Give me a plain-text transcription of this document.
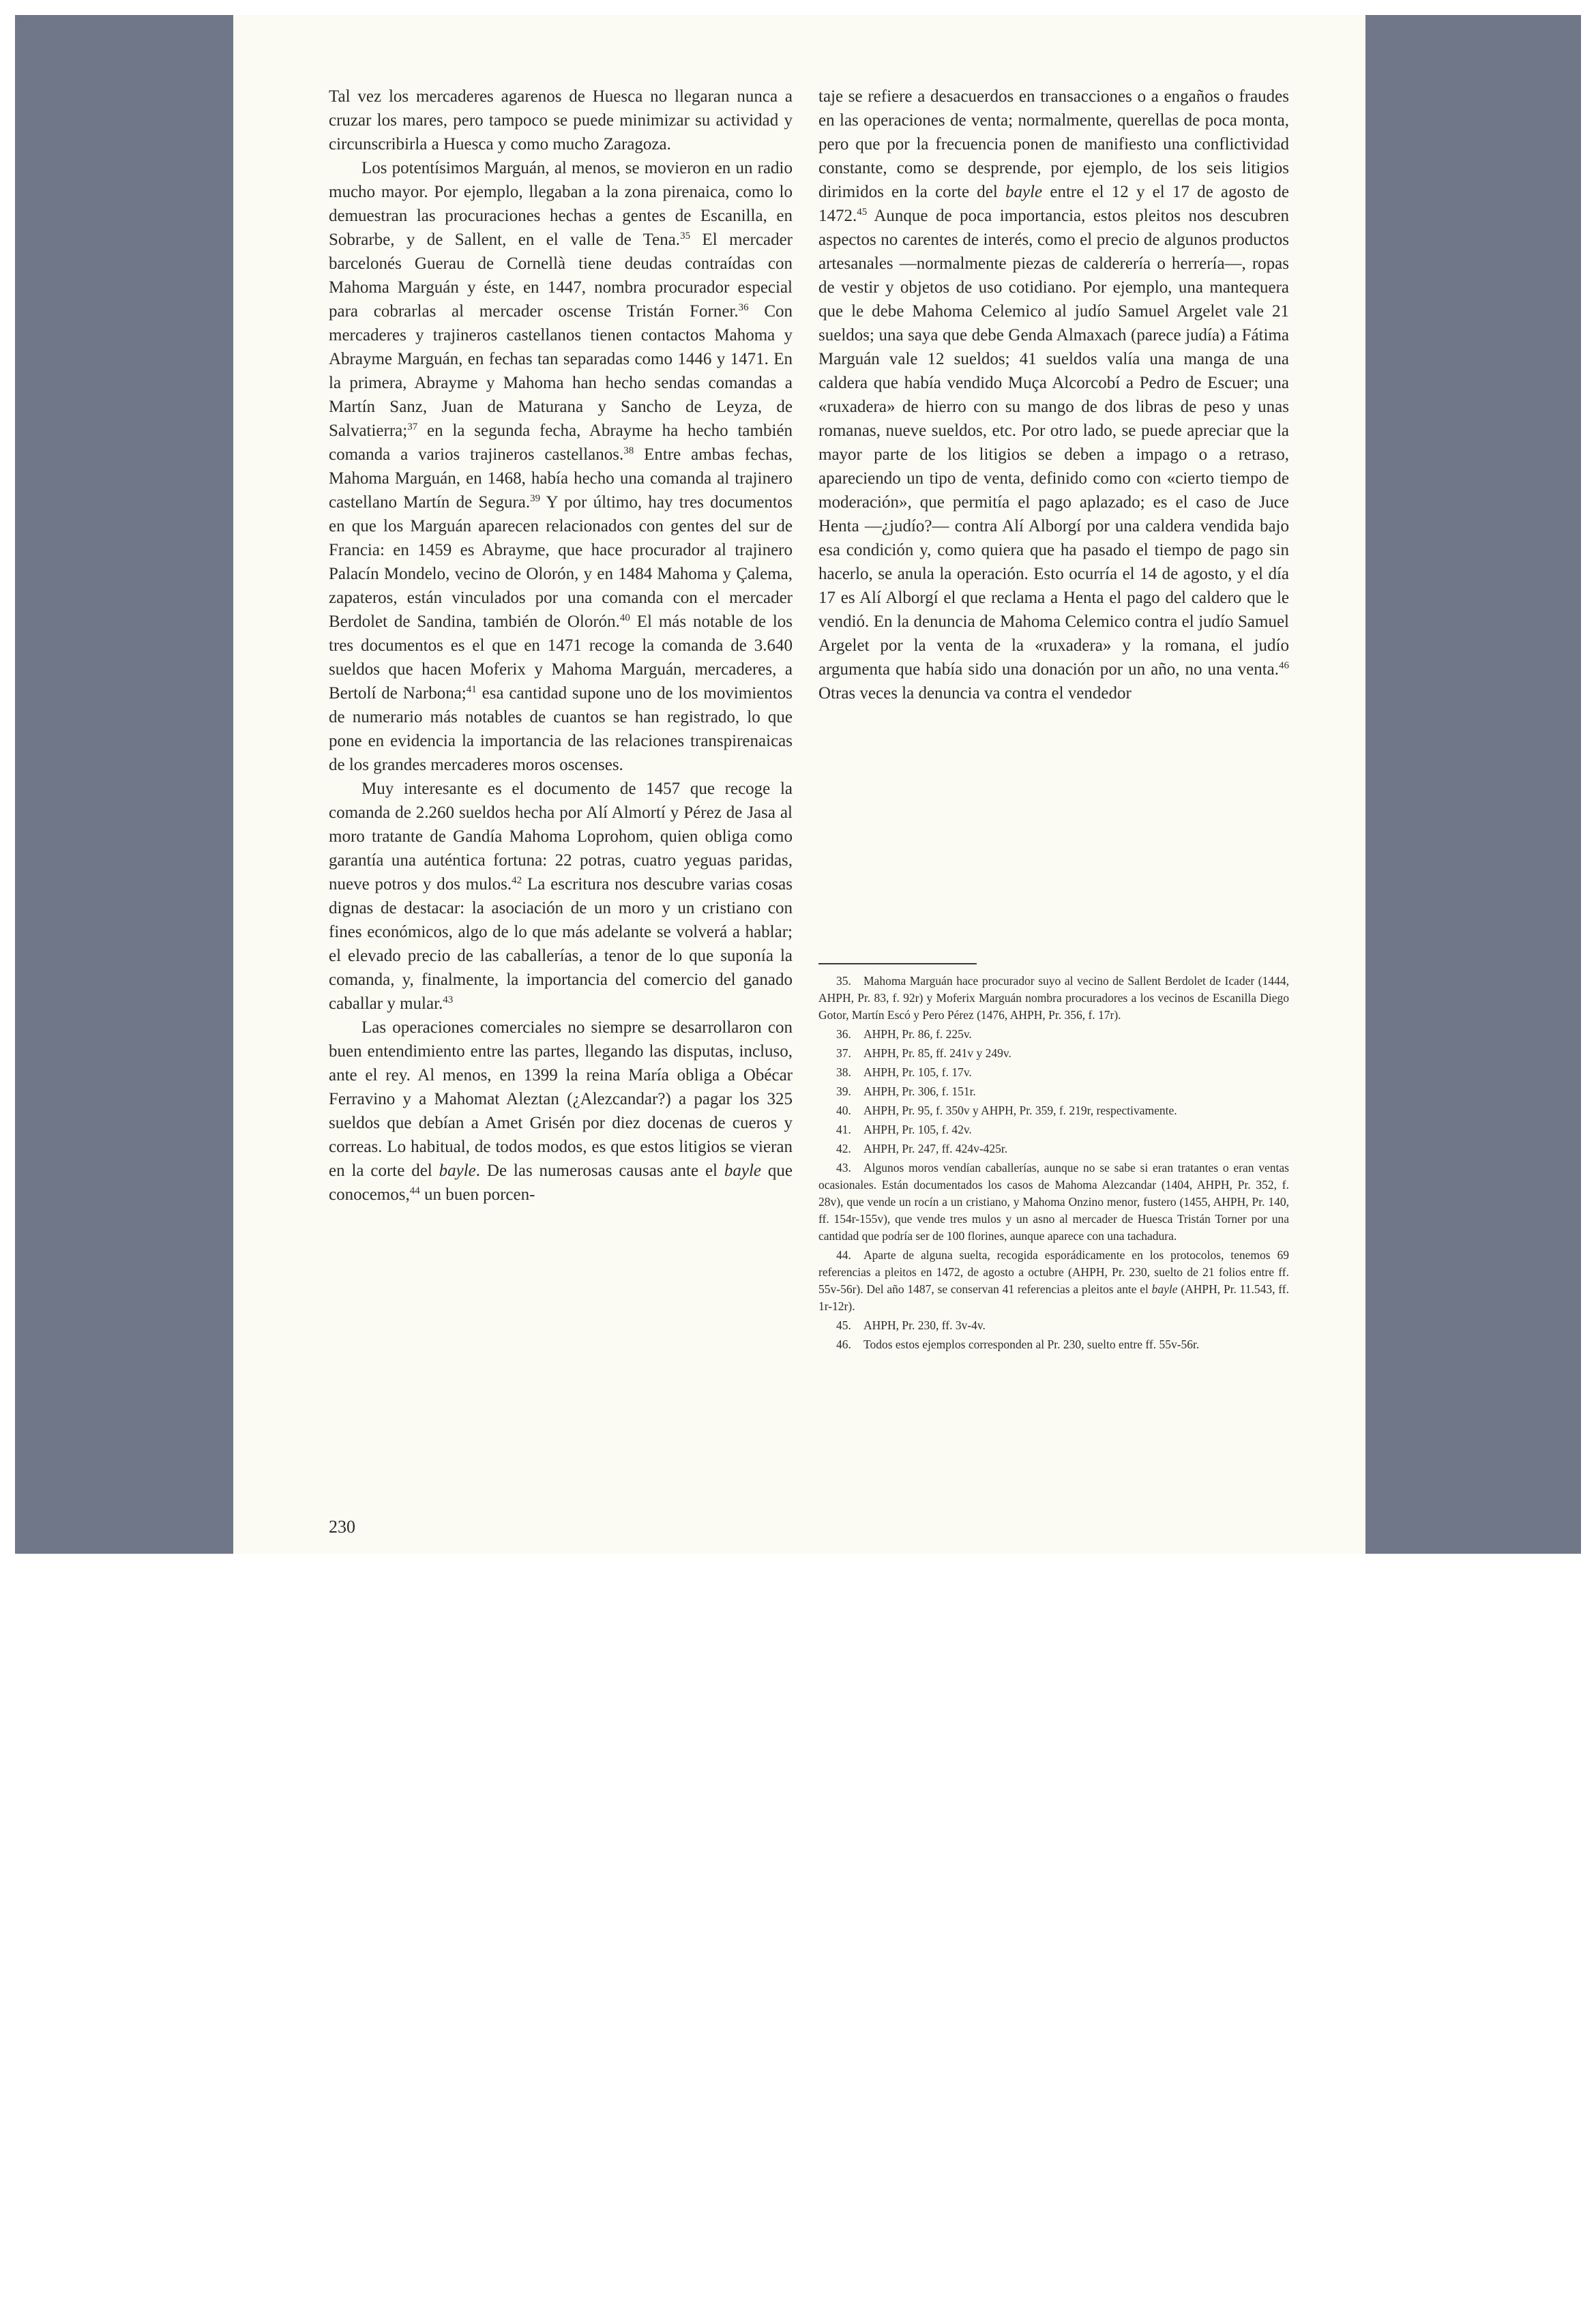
Tal vez los mercaderes agarenos de Huesca no llegaran nunca a cruzar los mares, pero tampoco se puede minimizar su actividad y circunscribirla a Huesca y como mucho Zaragoza.

Los potentísimos Marguán, al menos, se movieron en un radio mucho mayor. Por ejemplo, llegaban a la zona pirenaica, como lo demuestran las procuraciones hechas a gentes de Escanilla, en Sobrarbe, y de Sallent, en el valle de Tena.$^{35}$ El mercader barcelonés Guerau de Cornellà tiene deudas contraídas con Mahoma Marguán y éste, en 1447, nombra procurador especial para cobrarlas al mercader oscense Tristán Forner.$^{36}$ Con mercaderes y trajineros castellanos tienen contactos Mahoma y Abrayme Marguán, en fechas tan separadas como 1446 y 1471. En la primera, Abrayme y Mahoma han hecho sendas comandas a Martín Sanz, Juan de Maturana y Sancho de Leyza, de Salvatierra;$^{37}$ en la segunda fecha, Abrayme ha hecho también comanda a varios trajineros castellanos.$^{38}$ Entre ambas fechas, Mahoma Marguán, en 1468, había hecho una comanda al trajinero castellano Martín de Segura.$^{39}$ Y por último, hay tres documentos en que los Marguán aparecen relacionados con gentes del sur de Francia: en 1459 es Abrayme, que hace procurador al trajinero Palacín Mondelo, vecino de Olorón, y en 1484 Mahoma y Çalema, zapateros, están vinculados por una comanda con el mercader Berdolet de Sandina, también de Olorón.$^{40}$ El más notable de los tres documentos es el que en 1471 recoge la comanda de 3.640 sueldos que hacen Moferix y Mahoma Marguán, mercaderes, a Bertolí de Narbona;$^{41}$ esa cantidad supone uno de los movimientos de numerario más notables de cuantos se han registrado, lo que pone en evidencia la importancia de las relaciones transpirenaicas de los grandes mercaderes moros oscenses.

Muy interesante es el documento de 1457 que recoge la comanda de 2.260 sueldos hecha por Alí Almortí y Pérez de Jasa al moro tratante de Gandía Mahoma Loprohom, quien obliga como garantía una auténtica fortuna: 22 potras, cuatro yeguas paridas, nueve potros y dos mulos.$^{42}$ La escritura nos descubre varias cosas dignas de destacar: la asociación de un moro y un cristiano con fines económicos, algo de lo que más adelante se volverá a hablar; el elevado precio de las caballerías, a tenor de lo que suponía la comanda, y, finalmente, la importancia del comercio del ganado caballar y mular.$^{43}$

Las operaciones comerciales no siempre se desarrollaron con buen entendimiento entre las partes, llegando las disputas, incluso, ante el rey. Al menos, en 1399 la reina María obliga a Obécar Ferravino y a Mahomat Aleztan (¿Alezcandar?) a pagar los 325 sueldos que debían a Amet Grisén por diez docenas de cueros y correas. Lo habitual, de todos modos, es que estos litigios se vieran en la corte del bayle. De las numerosas causas ante el bayle que conocemos,$^{44}$ un buen porcen-

taje se refiere a desacuerdos en transacciones o a engaños o fraudes en las operaciones de venta; normalmente, querellas de poca monta, pero que por la frecuencia ponen de manifiesto una conflictividad constante, como se desprende, por ejemplo, de los seis litigios dirimidos en la corte del bayle entre el 12 y el 17 de agosto de 1472.45 Aunque de poca importancia, estos pleitos nos descubren aspectos no carentes de interés, como el precio de algunos productos artesanales —normalmente piezas de calderería o herrería—, ropas de vestir y objetos de uso cotidiano. Por ejemplo, una mantequera que le debe Mahoma Celemico al judío Samuel Argelet vale 21 sueldos; una saya que debe Genda Almaxach (parece judía) a Fátima Marguán vale 12 sueldos; 41 sueldos valía una manga de una caldera que había vendido Muça Alcorcobí a Pedro de Escuer; una «ruxadera» de hierro con su mango de dos libras de peso y unas romanas, nueve sueldos, etc. Por otro lado, se puede apreciar que la mayor parte de los litigios se deben a impago o a retraso, apareciendo un tipo de venta, definido como con «cierto tiempo de moderación», que permitía el pago aplazado; es el caso de Juce Henta —¿judío?— contra Alí Alborgí por una caldera vendida bajo esa condición y, como quiera que ha pasado el tiempo de pago sin hacerlo, se anula la operación. Esto ocurría el 14 de agosto, y el día 17 es Alí Alborgí el que reclama a Henta el pago del caldero que le vendió. En la denuncia de Mahoma Celemico contra el judío Samuel Argelet por la venta de la «ruxadera» y la romana, el judío argumenta que había sido una donación por un año, no una venta.$^{46}$ Otras veces la denuncia va contra el vendedor

35. Mahoma Marguán hace procurador suyo al vecino de Sallent Berdolet de Icader (1444, AHPH, Pr. 83, f. 92r) y Moferix Marguán nombra procuradores a los vecinos de Escanilla Diego Gotor, Martín Escó y Pero Pérez (1476, AHPH, Pr. 356, f. 17r).

36. AHPH, Pr. 86, f. 225v.

37. AHPH, Pr. 85, ff. 241v y 249v.

38. AHPH, Pr. 105, f. 17v.

39. AHPH, Pr. 306, f. 151r.

40. AHPH, Pr. 95, f. 350v y AHPH, Pr. 359, f. 219r, respectivamente.

41. AHPH, Pr. 105, f. 42v.

42. AHPH, Pr. 247, ff. 424v-425r.

43. Algunos moros vendían caballerías, aunque no se sabe si eran tratantes o eran ventas ocasionales. Están documentados los casos de Mahoma Alezcandar (1404, AHPH, Pr. 352, f. 28v), que vende un rocín a un cristiano, y Mahoma Onzino menor, fustero (1455, AHPH, Pr. 140, ff. 154r-155v), que vende tres mulos y un asno al mercader de Huesca Tristán Torner por una cantidad que podría ser de 100 florines, aunque aparece con una tachadura.

44. Aparte de alguna suelta, recogida esporádicamente en los protocolos, tenemos 69 referencias a pleitos en 1472, de agosto a octubre (AHPH, Pr. 230, suelto de 21 folios entre ff. 55v-56r). Del año 1487, se conservan 41 referencias a pleitos ante el bayle (AHPH, Pr. 11.543, ff. 1r-12r).

45. AHPH, Pr. 230, ff. 3v-4v.

46. Todos estos ejemplos corresponden al Pr. 230, suelto entre ff. 55v-56r.

230
